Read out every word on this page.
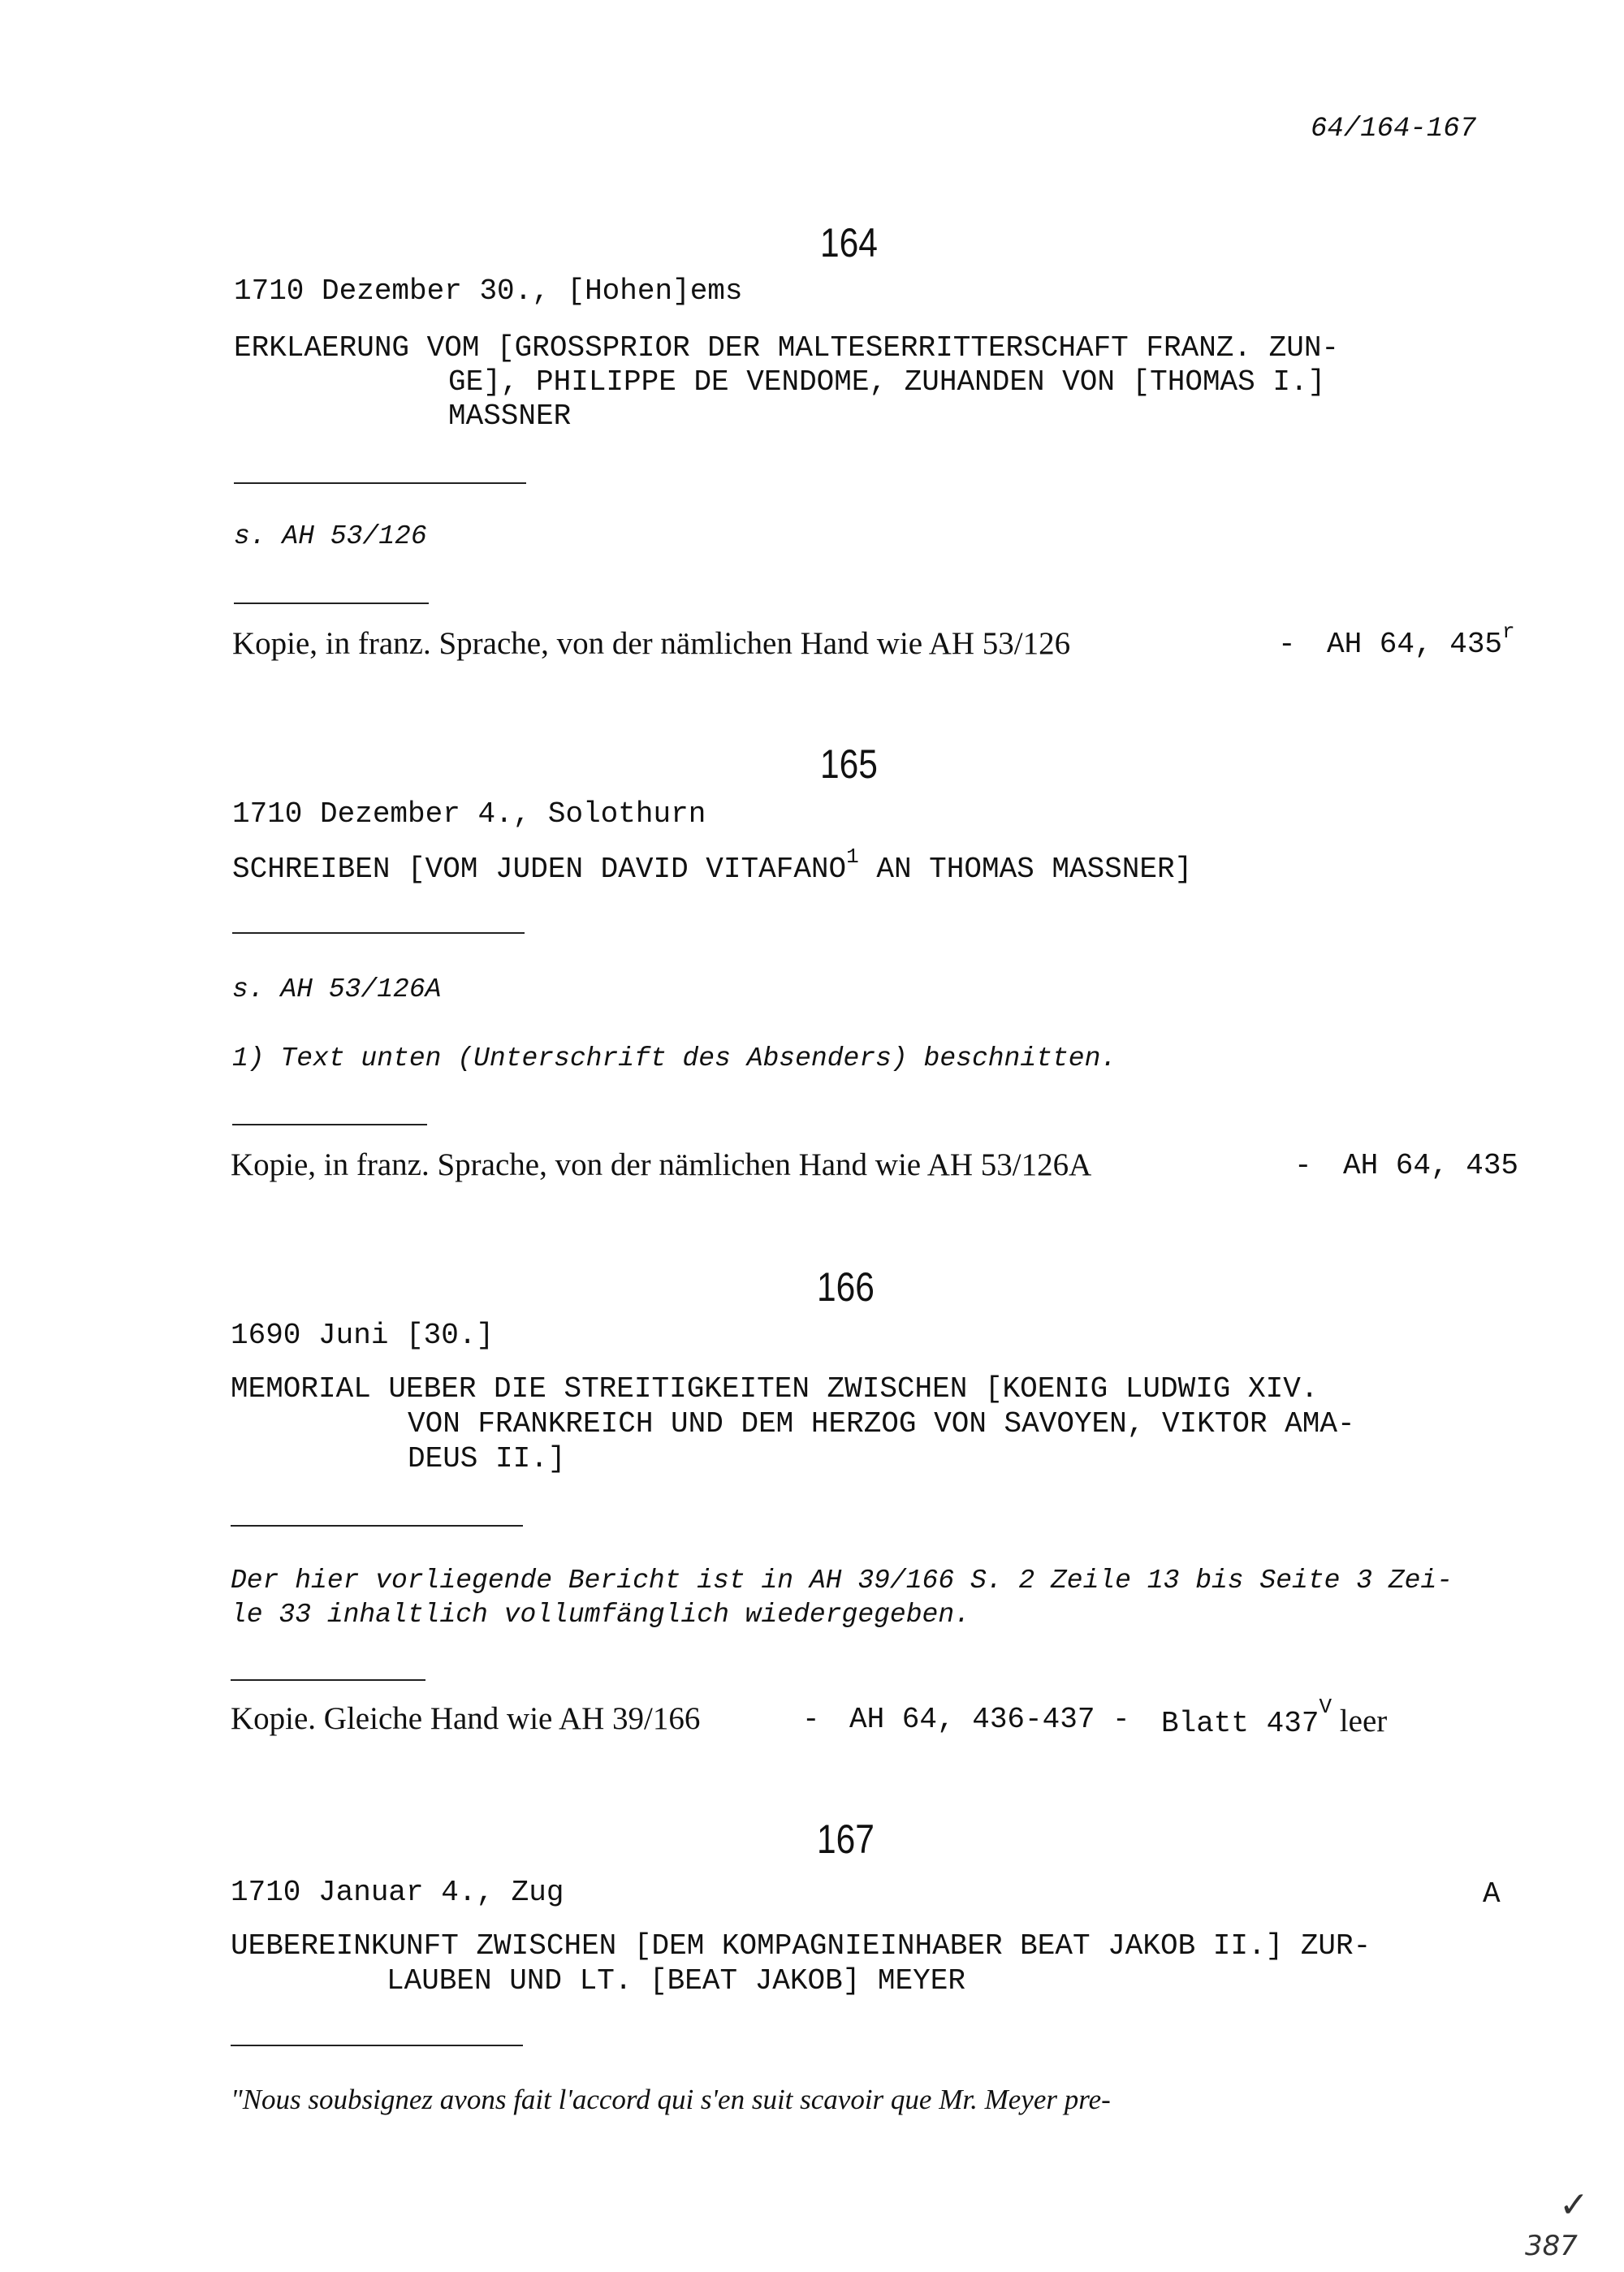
64/164-167
164
1710 Dezember 30., [Hohen]ems
ERKLAERUNG VOM [GROSSPRIOR DER MALTESERRITTERSCHAFT FRANZ. ZUN-
GE], PHILIPPE DE VENDOME, ZUHANDEN VON [THOMAS I.]
MASSNER
s. AH 53/126
Kopie, in franz. Sprache, von der nämlichen Hand wie AH 53/126	- AH 64, 435$^r$
165
1710 Dezember 4., Solothurn
SCHREIBEN [VOM JUDEN DAVID VITAFANO$^1$ AN THOMAS MASSNER]
s. AH 53/126A
1) Text unten (Unterschrift des Absenders) beschnitten.
Kopie, in franz. Sprache, von der nämlichen Hand wie AH 53/126A	- AH 64, 435
166
1690 Juni [30.]
MEMORIAL UEBER DIE STREITIGKEITEN ZWISCHEN [KOENIG LUDWIG XIV.
VON FRANKREICH UND DEM HERZOG VON SAVOYEN, VIKTOR AMA-
DEUS II.]
Der hier vorliegende Bericht ist in AH 39/166 S. 2 Zeile 13 bis Seite 3 Zei-
le 33 inhaltlich vollumfänglich wiedergegeben.
Kopie. Gleiche Hand wie AH 39/166	- AH 64, 436-437 - Blatt $437^V$ leer
167
1710 Januar 4., Zug	A
UEBEREINKUNFT ZWISCHEN [DEM KOMPAGNIEINHABER BEAT JAKOB II.] ZUR-
LAUBEN UND LT. [BEAT JAKOB] MEYER
"Nous soubsignez avons fait l'accord qui s'en suit scavoir que Mr. Meyer pre-
✓
387
